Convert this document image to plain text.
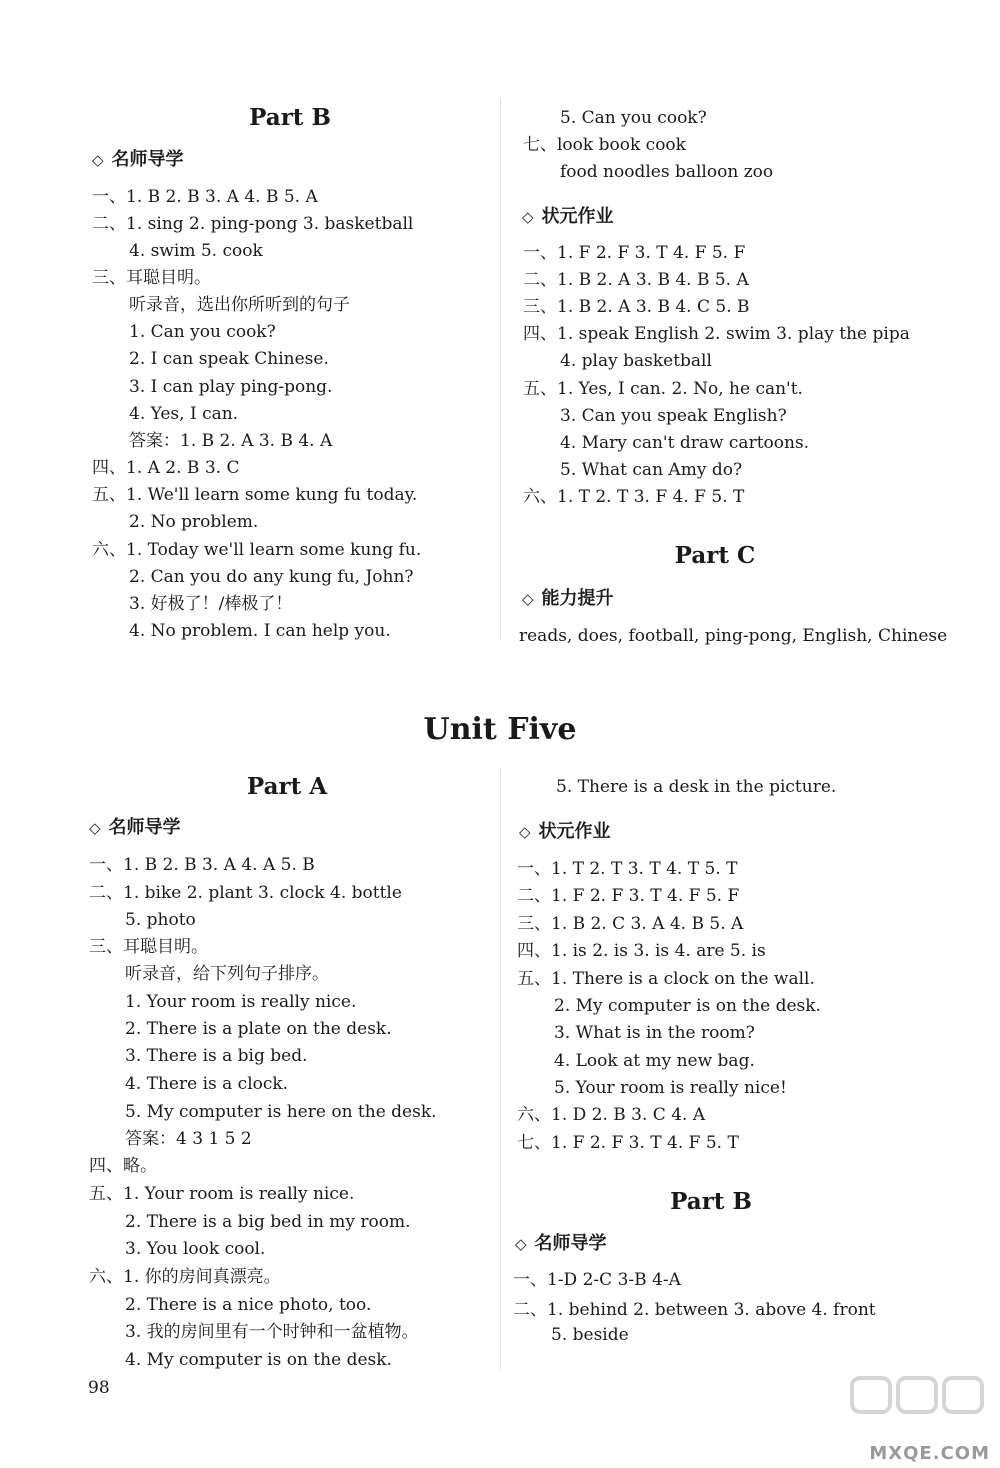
Part B
◇ 名师导学
一、1. B 2. B 3. A 4. B 5. A
二、1. sing 2. ping-pong 3. basketball
4. swim 5. cook
三、耳聪目明。
听录音，选出你所听到的句子
1. Can you cook?
2. I can speak Chinese.
3. I can play ping-pong.
4. Yes, I can.
答案：1. B 2. A 3. B 4. A
四、1. A 2. B 3. C
五、1. We'll learn some kung fu today.
2. No problem.
六、1. Today we'll learn some kung fu.
2. Can you do any kung fu, John?
3. 好极了！/棒极了！
4. No problem. I can help you.
5. Can you cook?
七、look book cook
food noodles balloon zoo
◇ 状元作业
一、1. F 2. F 3. T 4. F 5. F
二、1. B 2. A 3. B 4. B 5. A
三、1. B 2. A 3. B 4. C 5. B
四、1. speak English 2. swim 3. play the pipa
4. play basketball
五、1. Yes, I can. 2. No, he can't.
3. Can you speak English?
4. Mary can't draw cartoons.
5. What can Amy do?
六、1. T 2. T 3. F 4. F 5. T
Part C
◇ 能力提升
reads, does, football, ping-pong, English, Chinese
Unit Five
Part A
◇ 名师导学
一、1. B 2. B 3. A 4. A 5. B
二、1. bike 2. plant 3. clock 4. bottle
5. photo
三、耳聪目明。
听录音，给下列句子排序。
1. Your room is really nice.
2. There is a plate on the desk.
3. There is a big bed.
4. There is a clock.
5. My computer is here on the desk.
答案：4 3 1 5 2
四、略。
五、1. Your room is really nice.
2. There is a big bed in my room.
3. You look cool.
六、1. 你的房间真漂亮。
2. There is a nice photo, too.
3. 我的房间里有一个时钟和一盆植物。
4. My computer is on the desk.
5. There is a desk in the picture.
◇ 状元作业
一、1. T 2. T 3. T 4. T 5. T
二、1. F 2. F 3. T 4. F 5. F
三、1. B 2. C 3. A 4. B 5. A
四、1. is 2. is 3. is 4. are 5. is
五、1. There is a clock on the wall.
2. My computer is on the desk.
3. What is in the room?
4. Look at my new bag.
5. Your room is really nice!
六、1. D 2. B 3. C 4. A
七、1. F 2. F 3. T 4. F 5. T
Part B
◇ 名师导学
一、1-D 2-C 3-B 4-A
二、1. behind 2. between 3. above 4. front
5. beside
98
MXQE.COM
